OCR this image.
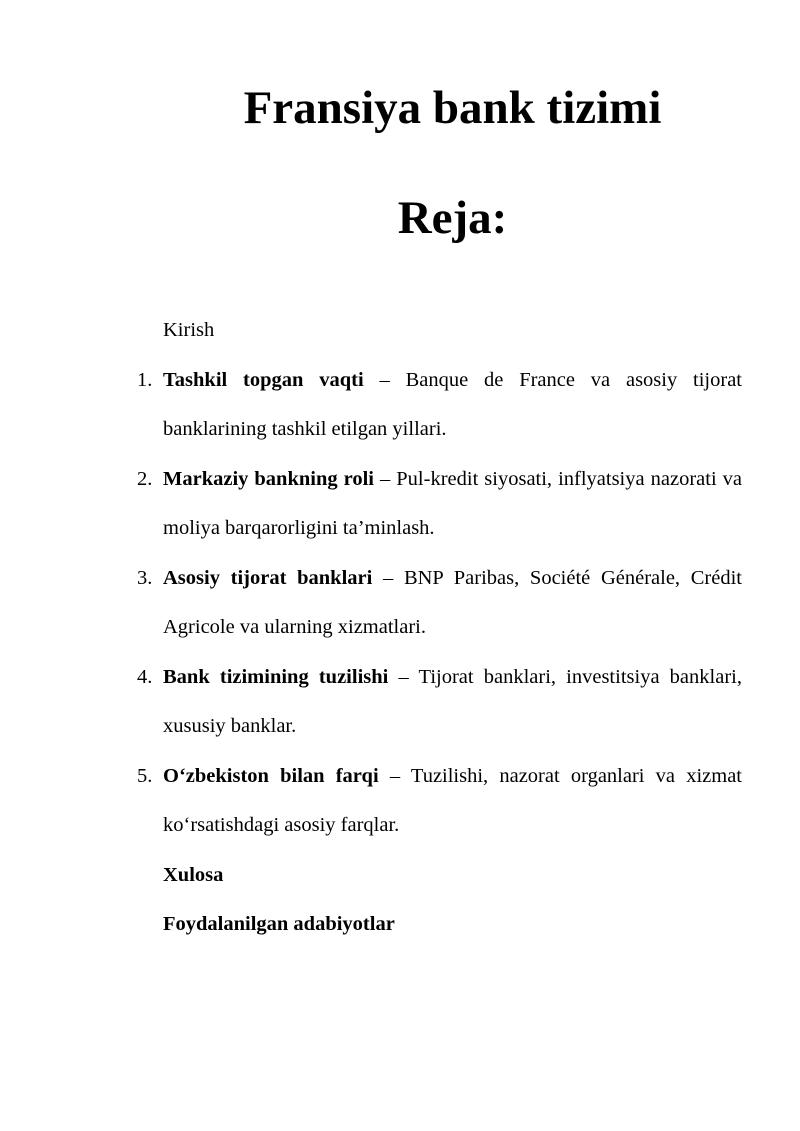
Fransiya bank tizimi
Reja:

Kirish

1. Tashkil topgan vaqti – Banque de France va asosiy tijorat banklarining tashkil etilgan yillari.
2. Markaziy bankning roli – Pul-kredit siyosati, inflyatsiya nazorati va moliya barqarorligini ta’minlash.
3. Asosiy tijorat banklari – BNP Paribas, Société Générale, Crédit Agricole va ularning xizmatlari.
4. Bank tizimining tuzilishi – Tijorat banklari, investitsiya banklari, xususiy banklar.
5. O‘zbekiston bilan farqi – Tuzilishi, nazorat organlari va xizmat ko‘rsatishdagi asosiy farqlar.

Xulosa

Foydalanilgan adabiyotlar
